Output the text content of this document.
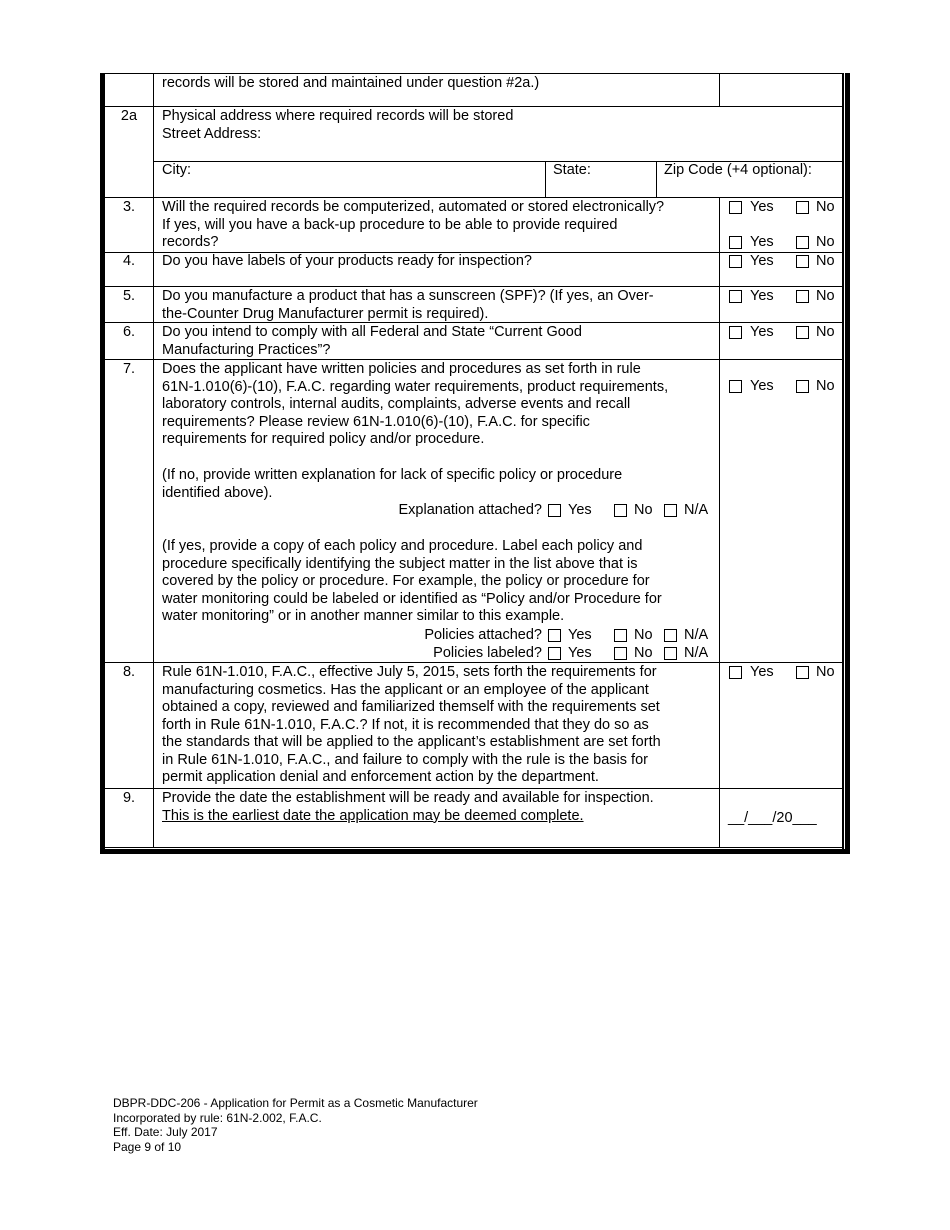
records will be stored and maintained under question #2a.)
2a	Physical address where required records will be stored
Street Address:
City:	State:	Zip Code (+4 optional):
3.	Will the required records be computerized, automated or stored electronically?
If yes, will you have a back-up procedure to be able to provide required
records?
Yes	No
Yes	No
4.	Do you have labels of your products ready for inspection?	Yes	No
5.	Do you manufacture a product that has a sunscreen (SPF)? (If yes, an Over-
the-Counter Drug Manufacturer permit is required).
Yes	No
6.	Do you intend to comply with all Federal and State “Current Good
Manufacturing Practices”?
Yes	No
7.	Does the applicant have written policies and procedures as set forth in rule
61N-1.010(6)-(10), F.A.C. regarding water requirements, product requirements,
laboratory controls, internal audits, complaints, adverse events and recall
requirements? Please review 61N-1.010(6)-(10), F.A.C. for specific
requirements for required policy and/or procedure.
Yes	No
(If no, provide written explanation for lack of specific policy or procedure
identified above).
Explanation attached? Yes	No N/A
(If yes, provide a copy of each policy and procedure. Label each policy and
procedure specifically identifying the subject matter in the list above that is
covered by the policy or procedure. For example, the policy or procedure for
water monitoring could be labeled or identified as “Policy and/or Procedure for
water monitoring” or in another manner similar to this example.
Policies attached? Yes	No N/A
Policies labeled? Yes	No N/A
8.	Rule 61N-1.010, F.A.C., effective July 5, 2015, sets forth the requirements for
manufacturing cosmetics. Has the applicant or an employee of the applicant
obtained a copy, reviewed and familiarized themself with the requirements set
forth in Rule 61N-1.010, F.A.C.? If not, it is recommended that they do so as
the standards that will be applied to the applicant’s establishment are set forth
in Rule 61N-1.010, F.A.C., and failure to comply with the rule is the basis for
permit application denial and enforcement action by the department.
Yes	No
9.	Provide the date the establishment will be ready and available for inspection.
This is the earliest date the application may be deemed complete.	__/___/20___
DBPR-DDC-206 - Application for Permit as a Cosmetic Manufacturer
Incorporated by rule: 61N-2.002, F.A.C.
Eff. Date: July 2017
Page 9 of 10
